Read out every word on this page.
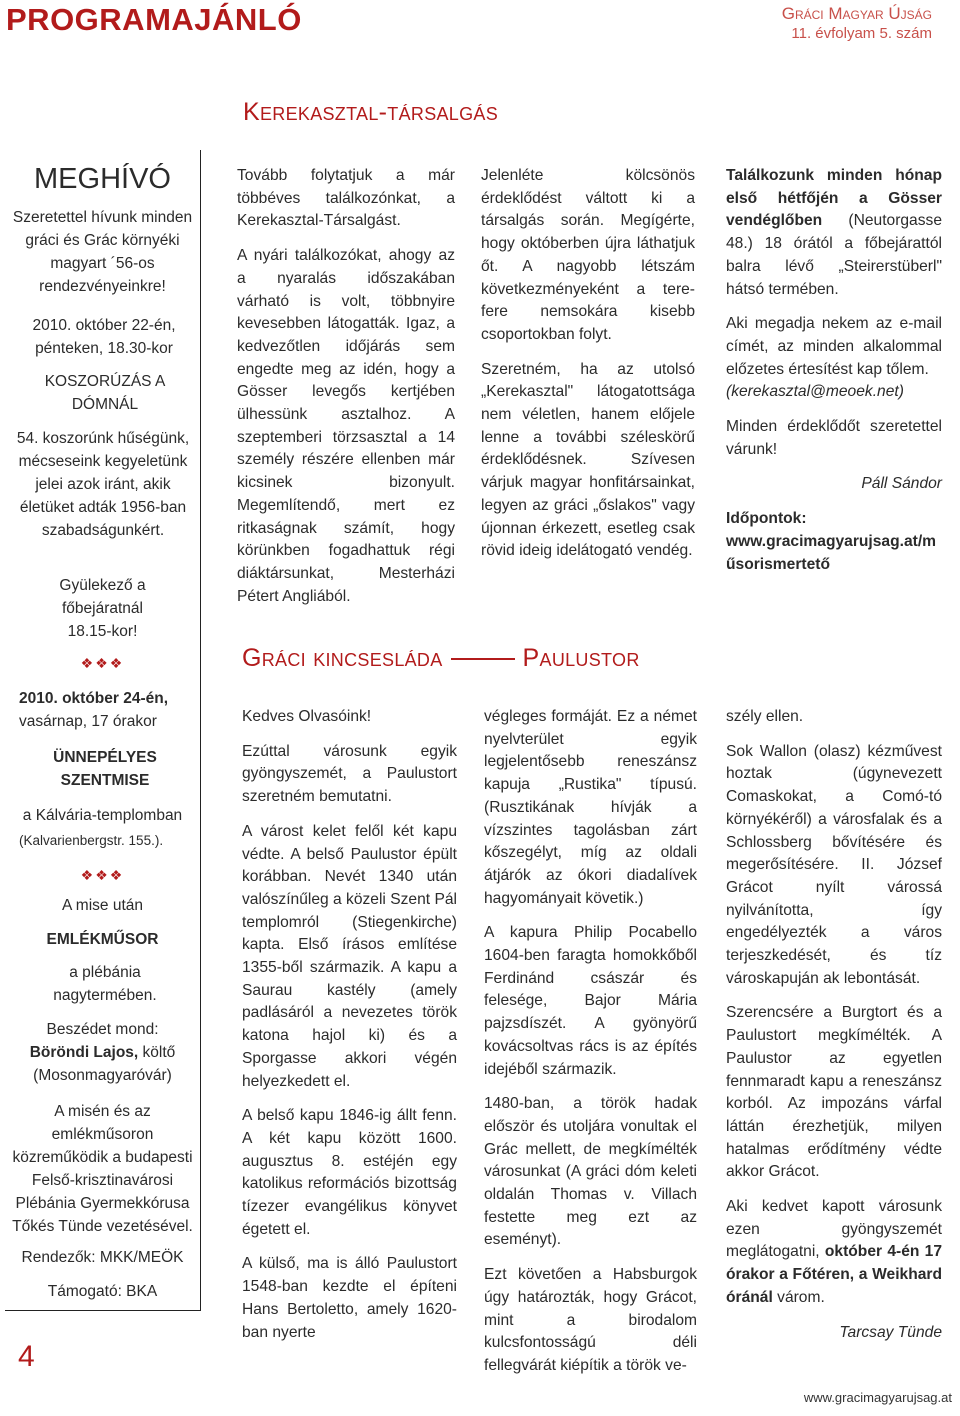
PROGRAMAJÁNLÓ	Gráci Magyar Újság
11. évfolyam 5. szám
Kerekasztal-társalgás
MEGHÍVÓ
Szeretettel hívunk minden gráci és Grác környéki magyart ´56-os rendezvényeinkre!
2010. október 22-én, pénteken, 18.30-kor
KOSZORÚZÁS A DÓMNÁL
54. koszorúnk hűségünk, mécseseink kegyeletünk jelei azok iránt, akik életüket adták 1956-ban szabadságunkért.
Gyülekező a főbejáratnál 18.15-kor!
❖❖❖
2010. október 24-én,
vasárnap, 17 órakor
ÜNNEPÉLYES SZENTMISE
a Kálvária-templomban
(Kalvarienbergstr. 155.).
❖❖❖
A mise után
EMLÉKMŰSOR
a plébánia nagytermében.
Beszédet mond:
Böröndi Lajos, költő
(Mosonmagyaróvár)
A misén és az emlékműsoron közreműködik a budapesti Felső-krisztinavárosi Plébánia Gyermekkórusa Tőkés Tünde vezetésével.
Rendezők: MKK/MEÖK
Támogató: BKA
4

Tovább folytatjuk a már többéves találkozónkat, a Kerekasztal-Társalgást.

A nyári találkozókat, ahogy az a nyaralás időszakában várható is volt, többnyire kevesebben látogatták. Igaz, a kedvezőtlen időjárás sem engedte meg az idén, hogy a Gösser levegős kertjében ülhessünk asztalhoz. A szeptemberi törzsasztal a 14 személy részére ellenben már kicsinek bizonyult. Megemlítendő, mert ez ritkaságnak számít, hogy körünkben fogadhattuk régi diáktársunkat, Mesterházi Pétert Angliából.

Jelenléte kölcsönös érdeklődést váltott ki a társalgás során. Megígérte, hogy októberben újra láthatjuk őt. A nagyobb létszám következményeként a tere-fere nemsokára kisebb csoportokban folyt.

Szeretném, ha az utolsó „Kerekasztal" látogatottsága nem véletlen, hanem előjele lenne a további széleskörű érdeklődésnek. Szívesen várjuk magyar honfitársainkat, legyen az gráci „őslakos" vagy újonnan érkezett, esetleg csak rövid ideig idelátogató vendég.

Találkozunk minden hónap első hétfőjén a Gösser vendéglőben (Neutorgasse 48.) 18 órától a főbejárattól balra lévő „Steirerstüberl" hátsó termében.

Aki megadja nekem az e-mail címét, az minden alkalommal előzetes értesítést kap tőlem.

(kerekasztal@meoek.net)

Minden érdeklődőt szeretettel várunk!

Páll Sándor

Időpontok:

www.gracimagyarujsag.at/műsorismertető

Gráci kincsesláda	Paulustor

Kedves Olvasóink!

Ezúttal városunk egyik gyöngyszemét, a Paulustort szeretném bemutatni.

A várost kelet felől két kapu védte. A belső Paulustor épült korábban. Nevét 1340 után valószínűleg a közeli Szent Pál templomról (Stiegenkirche) kapta. Első írásos említése 1355-ből származik. A kapu a Saurau kastély (amely padlásáról a nevezetes török katona hajol ki) és a Sporgasse akkori végén helyezkedett el.

A belső kapu 1846-ig állt fenn. A két kapu között 1600. augusztus 8. estéjén egy katolikus reformációs bizottság tízezer evangélikus könyvet égetett el.

A külső, ma is álló Paulustort 1548-ban kezdte el építeni Hans Bertoletto, amely 1620-ban nyerte

végleges formáját. Ez a német nyelvterület egyik legjelentősebb reneszánsz kapuja „Rustika" típusú. (Rusztikának hívják a vízszintes tagolásban zárt kőszegélyt, míg az oldali átjárók az ókori diadalívek hagyományait követik.)

A kapura Philip Pocabello 1604-ben faragta homokkőből Ferdinánd császár és felesége, Bajor Mária pajzsdíszét. A gyönyörű kovácsoltvas rács is az építés idejéből származik.

1480-ban, a török hadak először és utoljára vonultak el Grác mellett, de megkímélték városunkat (A gráci dóm keleti oldalán Thomas v. Villach festette meg ezt az eseményt).

Ezt követően a Habsburgok úgy határozták, hogy Grácot, mint a birodalom kulcsfontosságú déli fellegvárát kiépítik a török ve-

szély ellen.

Sok Wallon (olasz) kézművest hoztak (úgynevezett Comaskokat, a Comó-tó környékéről) a városfalak és a Schlossberg bővítésére és megerősítésére. II. József Grácot nyílt várossá nyilvánította, így engedélyezték a város terjeszkedését, és tíz városkapuján ak lebontását.

Szerencsére a Burgtort és a Paulustort megkímélték. A Paulustor az egyetlen fennmaradt kapu a reneszánsz korból. Az impozáns várfal láttán érezhetjük, milyen hatalmas erődítmény védte akkor Grácot.

Aki kedvet kapott városunk ezen gyöngyszemét meglátogatni, október 4-én 17 órakor a Főtéren, a Weikhard óránál várom.

Tarcsay Tünde

www.gracimagyarujsag.at
